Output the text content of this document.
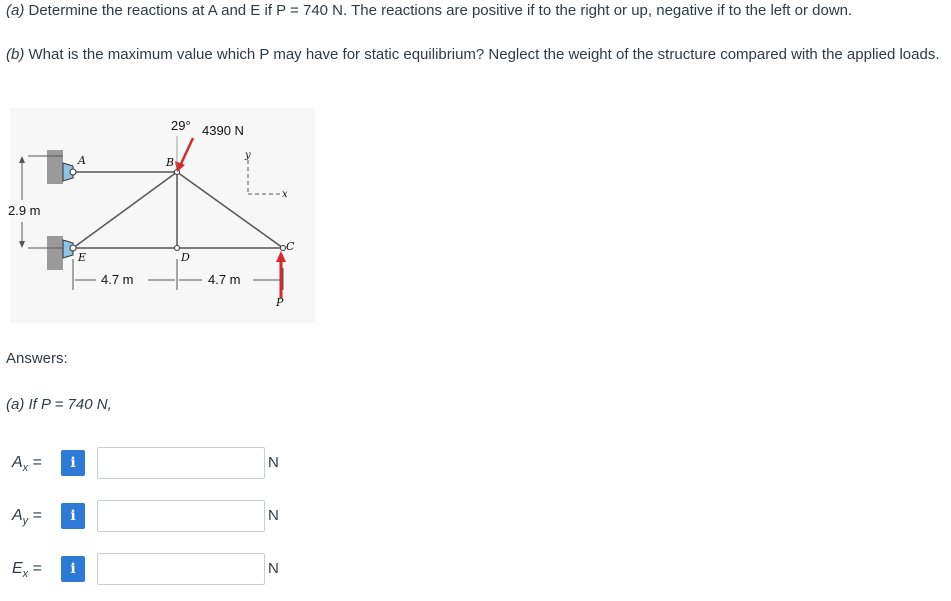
(a) Determine the reactions at A and E if P = 740 N. The reactions are positive if to the right or up, negative if to the left or down.
(b) What is the maximum value which P may have for static equilibrium? Neglect the weight of the structure compared with the applied loads.
29° 4390 N
2.9 m
4.7 m	4.7 m
A	B
C
D
E
P
x
y
Answers:
(a) If P = 740 N,
$A_x$ =	i	N
$A_y$ =	i	N
$E_x$ =	i	N
